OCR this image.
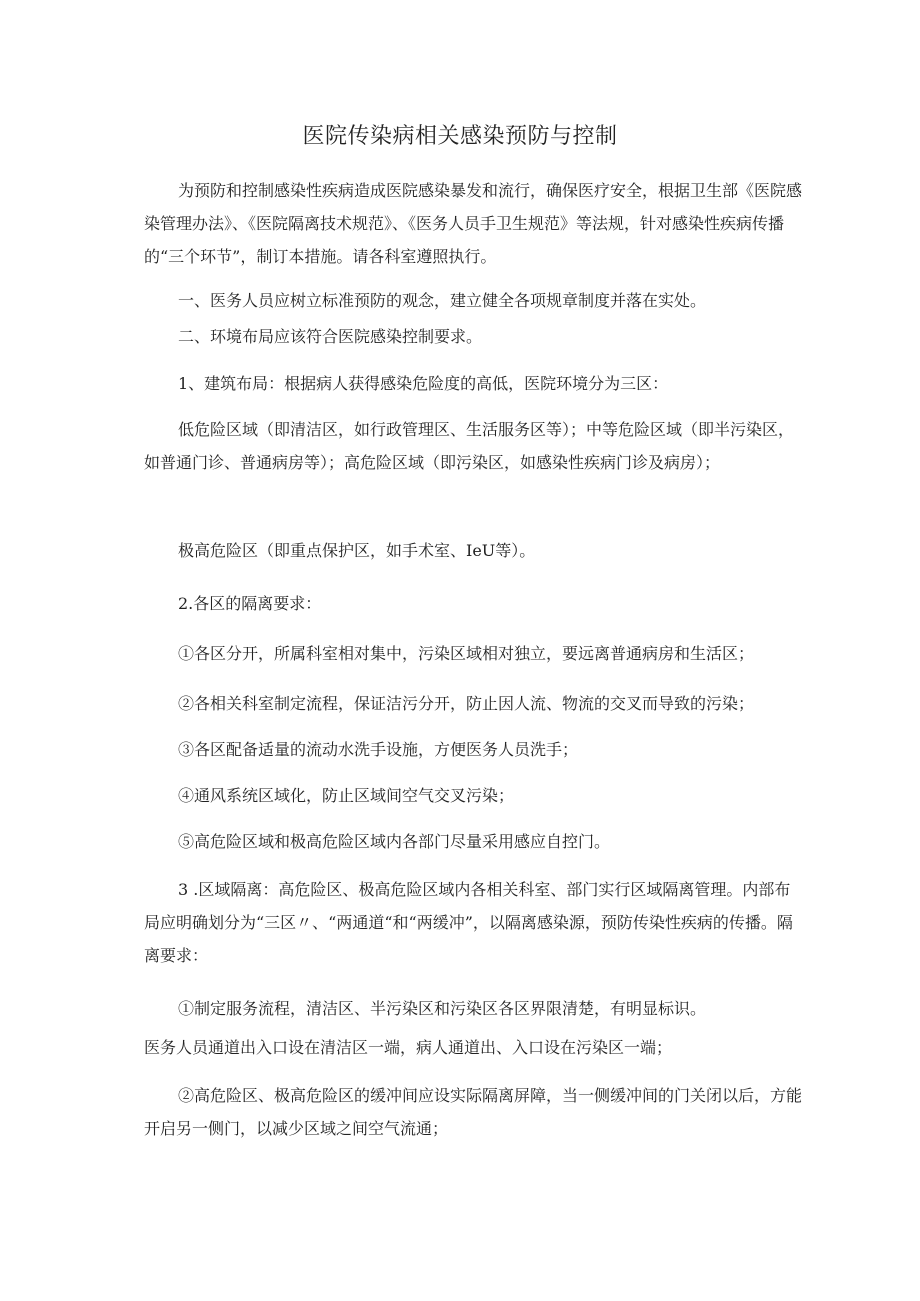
医院传染病相关感染预防与控制

为预防和控制感染性疾病造成医院感染暴发和流行，确保医疗安全，根据卫生部《医院感染管理办法》、《医院隔离技术规范》、《医务人员手卫生规范》等法规，针对感染性疾病传播的“三个环节”，制订本措施。请各科室遵照执行。

一、医务人员应树立标准预防的观念，建立健全各项规章制度并落在实处。
二、环境布局应该符合医院感染控制要求。
1、建筑布局：根据病人获得感染危险度的高低，医院环境分为三区：

低危险区域（即清洁区，如行政管理区、生活服务区等）；中等危险区域（即半污染区，如普通门诊、普通病房等）；高危险区域（即污染区，如感染性疾病门诊及病房）；

极高危险区（即重点保护区，如手术室、IeU等）。
2.各区的隔离要求：
①各区分开，所属科室相对集中，污染区域相对独立，要远离普通病房和生活区；
②各相关科室制定流程，保证洁污分开，防止因人流、物流的交叉而导致的污染；
③各区配备适量的流动水洗手设施，方便医务人员洗手；
④通风系统区域化，防止区域间空气交叉污染；
⑤高危险区域和极高危险区域内各部门尽量采用感应自控门。

3 .区域隔离：高危险区、极高危险区域内各相关科室、部门实行区域隔离管理。内部布局应明确划分为“三区〃、“两通道“和“两缓冲”，以隔离感染源，预防传染性疾病的传播。隔离要求：

①制定服务流程，清洁区、半污染区和污染区各区界限清楚，有明显标识。
医务人员通道出入口设在清洁区一端，病人通道出、入口设在污染区一端；

②高危险区、极高危险区的缓冲间应设实际隔离屏障，当一侧缓冲间的门关闭以后，方能开启另一侧门，以减少区域之间空气流通；
